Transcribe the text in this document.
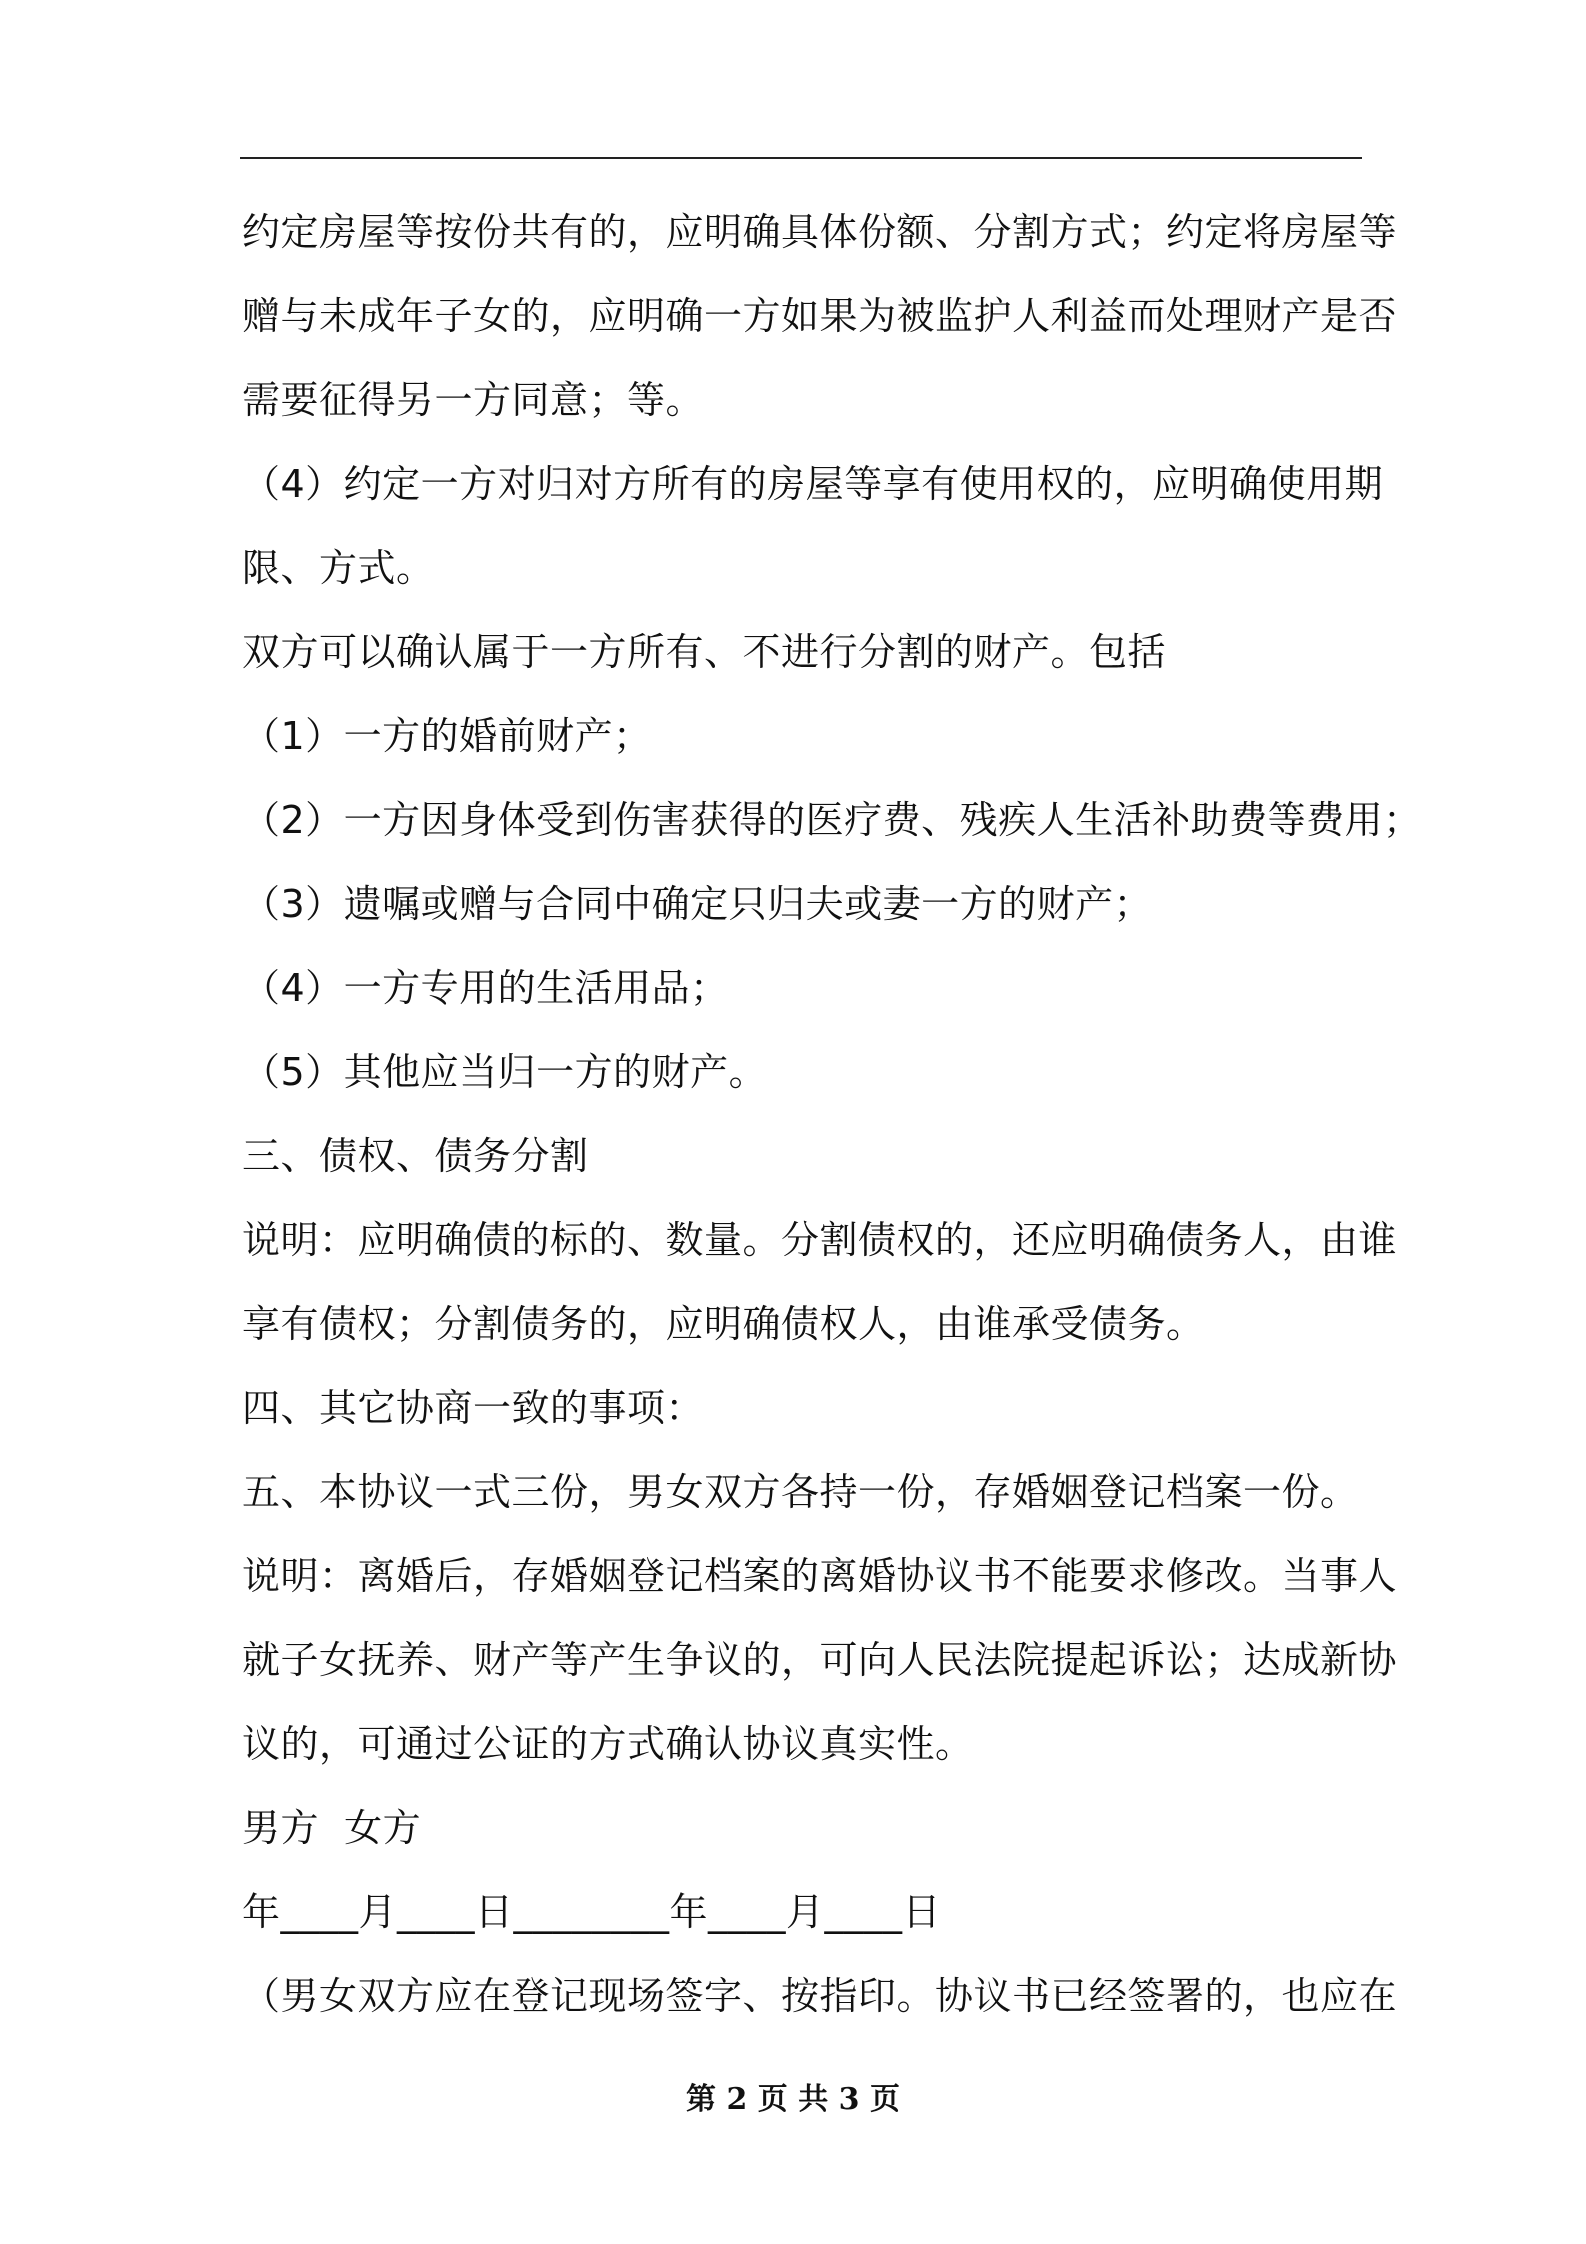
约定房屋等按份共有的，应明确具体份额、分割方式；约定将房屋等
赠与未成年子女的，应明确一方如果为被监护人利益而处理财产是否
需要征得另一方同意；等。
（4）约定一方对归对方所有的房屋等享有使用权的，应明确使用期
限、方式。
双方可以确认属于一方所有、不进行分割的财产。包括
（1）一方的婚前财产；
（2）一方因身体受到伤害获得的医疗费、残疾人生活补助费等费用；
（3）遗嘱或赠与合同中确定只归夫或妻一方的财产；
（4）一方专用的生活用品；
（5）其他应当归一方的财产。
三、债权、债务分割
说明：应明确债的标的、数量。分割债权的，还应明确债务人，由谁
享有债权；分割债务的，应明确债权人，由谁承受债务。
四、其它协商一致的事项：
五、本协议一式三份，男女双方各持一份，存婚姻登记档案一份。
说明：离婚后，存婚姻登记档案的离婚协议书不能要求修改。当事人
就子女抚养、财产等产生争议的，可向人民法院提起诉讼；达成新协
议的，可通过公证的方式确认协议真实性。
男方  女方
年____月____日________年____月____日
（男女双方应在登记现场签字、按指印。协议书已经签署的，也应在
第 2 页 共 3 页
